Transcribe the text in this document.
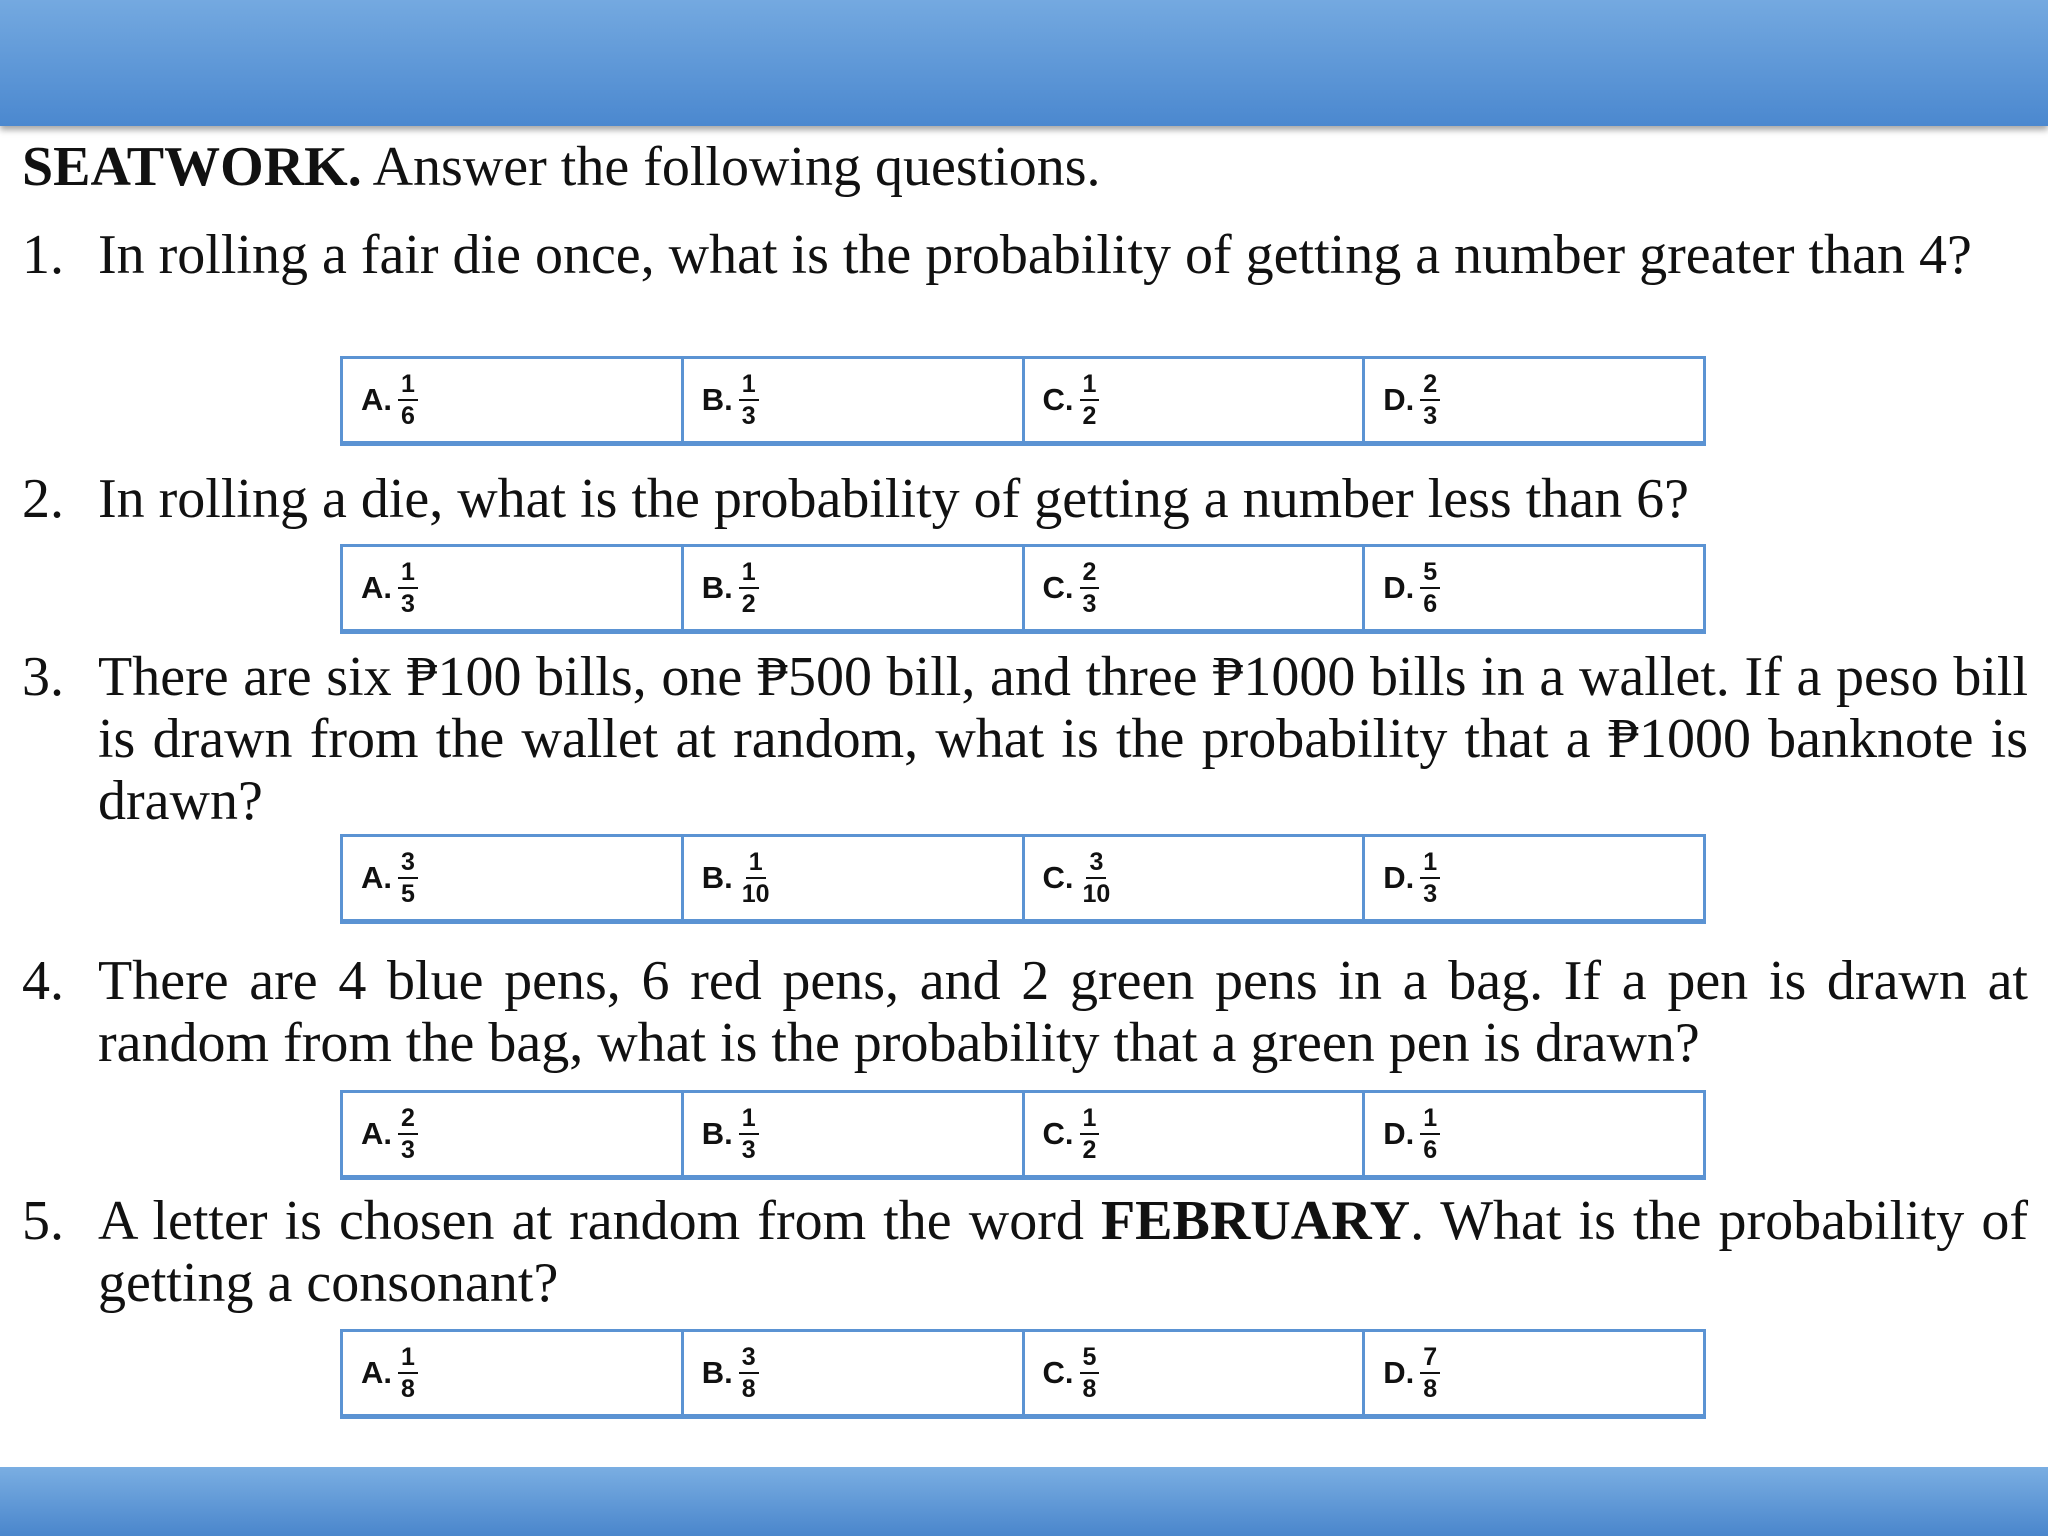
SEATWORK. Answer the following questions.
1. In rolling a fair die once, what is the probability of getting a number greater than 4?
A. $\frac{1}{6}$	B. $\frac{1}{3}$	C. $\frac{1}{2}$	D. $\frac{2}{3}$
2. In rolling a die, what is the probability of getting a number less than 6?
A. $\frac{1}{3}$	B. $\frac{1}{2}$	C. $\frac{2}{3}$	D. $\frac{5}{6}$
3. There are six ₱100 bills, one ₱500 bill, and three ₱1000 bills in a wallet. If a peso bill is drawn from the wallet at random, what is the probability that a ₱1000 banknote is drawn?
A. $\frac{3}{5}$	B. $\frac{1}{10}$	C. $\frac{3}{10}$	D. $\frac{1}{3}$
4. There are 4 blue pens, 6 red pens, and 2 green pens in a bag. If a pen is drawn at random from the bag, what is the probability that a green pen is drawn?
A. $\frac{2}{3}$	B. $\frac{1}{3}$	C. $\frac{1}{2}$	D. $\frac{1}{6}$
5. A letter is chosen at random from the word FEBRUARY. What is the probability of getting a consonant?
A. $\frac{1}{8}$	B. $\frac{3}{8}$	C. $\frac{5}{8}$	D. $\frac{7}{8}$
